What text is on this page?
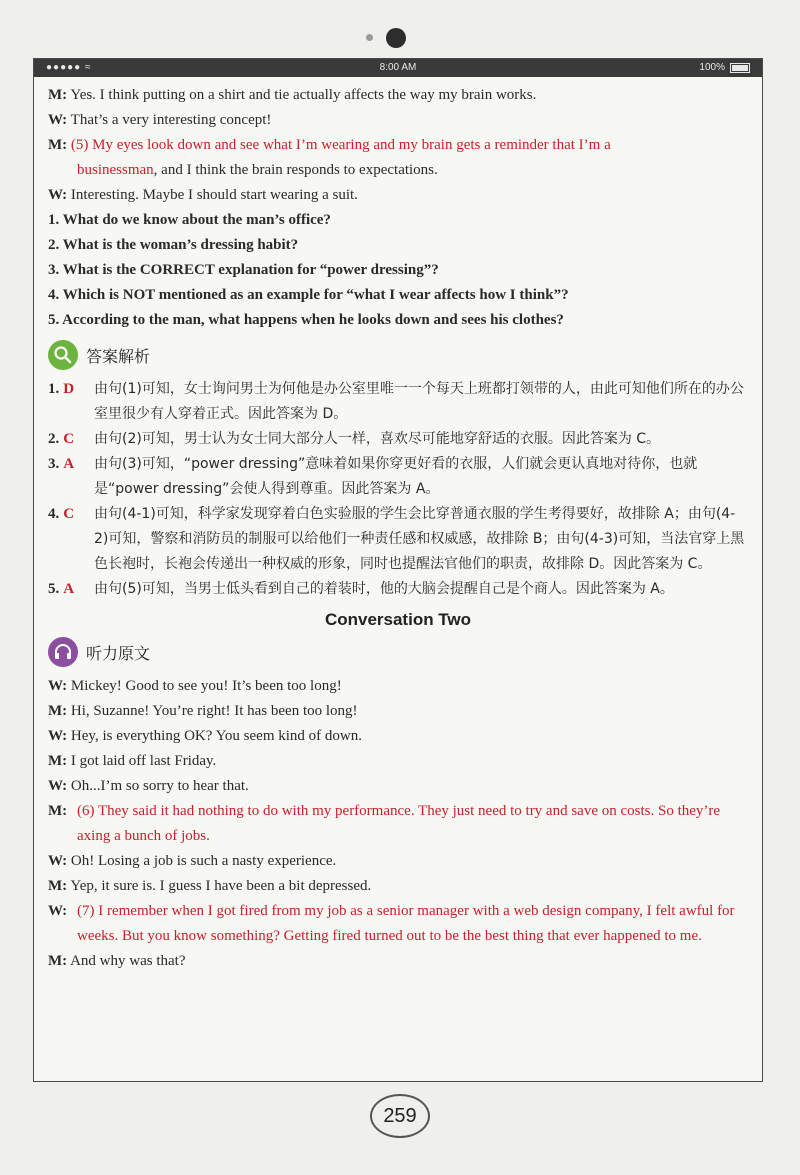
●●●●● ≈	8:00 AM	100%
M: Yes. I think putting on a shirt and tie actually affects the way my brain works.
W: That’s a very interesting concept!
M: (5) My eyes look down and see what I’m wearing and my brain gets a reminder that I’m a
businessman, and I think the brain responds to expectations.
W: Interesting. Maybe I should start wearing a suit.
1. What do we know about the man’s office?
2. What is the woman’s dressing habit?
3. What is the CORRECT explanation for “power dressing”?
4. Which is NOT mentioned as an example for “what I wear affects how I think”?
5. According to the man, what happens when he looks down and sees his clothes?
答案解析
1. D	由句(1)可知，女士询问男士为何他是办公室里唯一一个每天上班都打领带的人，由此可知他们所在的办公室里很少有人穿着正式。因此答案为 D。
2. C	由句(2)可知，男士认为女士同大部分人一样，喜欢尽可能地穿舒适的衣服。因此答案为 C。
3. A	由句(3)可知，“power dressing”意味着如果你穿更好看的衣服，人们就会更认真地对待你，也就是“power dressing”会使人得到尊重。因此答案为 A。
4. C	由句(4-1)可知，科学家发现穿着白色实验服的学生会比穿普通衣服的学生考得要好，故排除 A；由句(4-2)可知，警察和消防员的制服可以给他们一种责任感和权威感，故排除 B；由句(4-3)可知，当法官穿上黑色长袍时，长袍会传递出一种权威的形象，同时也提醒法官他们的职责，故排除 D。因此答案为 C。
5. A	由句(5)可知，当男士低头看到自己的着装时，他的大脑会提醒自己是个商人。因此答案为 A。
Conversation Two
听力原文
W: Mickey! Good to see you! It’s been too long!
M: Hi, Suzanne! You’re right! It has been too long!
W: Hey, is everything OK? You seem kind of down.
M: I got laid off last Friday.
W: Oh...I’m so sorry to hear that.
M: (6) They said it had nothing to do with my performance. They just need to try and save on costs. So they’re axing a bunch of jobs.
W: Oh! Losing a job is such a nasty experience.
M: Yep, it sure is. I guess I have been a bit depressed.
W: (7) I remember when I got fired from my job as a senior manager with a web design company, I felt awful for weeks. But you know something? Getting fired turned out to be the best thing that ever happened to me.
M: And why was that?
259
